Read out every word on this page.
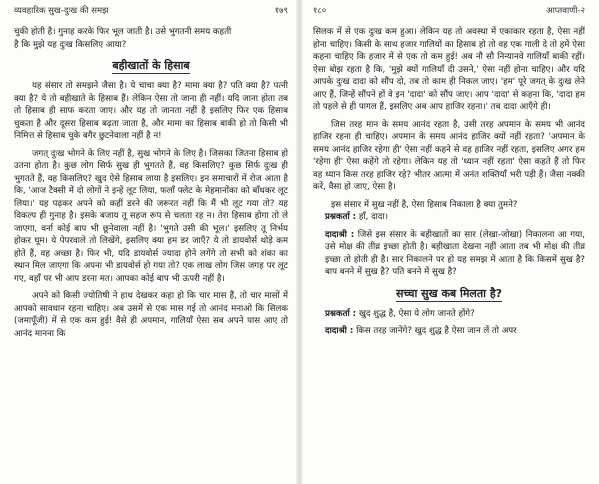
व्यवहारिक सुख-दुःख की समझ	१७९

चुकी होती है। गुनाह करके फिर भूल जाती है। उसे भुगतनी समय कहती

है कि मुझे यह दुःख किसलिए आया?

बहीखातों के हिसाब

यह संसार तो समझने जैसा है। ये चाचा क्या है? मामा क्या है? पति क्या है? पत्नी क्या है? ये तो बहीखाते के हिसाब हैं। लेकिन ऐसा तो जाना ही नहीं। यदि जाना होता तब तो हिसाब ही साफ करता जाए। और यह तो जानता नहीं है इसलिए फिर एक हिसाब चुकता है और दूसरा हिसाब बढ़ता जाता है, और मामा का हिसाब बाकी हो तो किसी भी निमित्त से हिसाब चुके बगैर छुटनेवाला नहीं है न!

जगत् दुःख भोगने के लिए नहीं है, सुख भोगने के लिए है। जिसका जितना हिसाब हो उतना होता है। कुछ लोग सिर्फ सुख ही भुगतते हैं, वह किसलिए? कुछ सिर्फ दुःख ही भुगतते हैं, वह किसलिए? खुद ऐसे हिसाब लाया है इसलिए। इन समाचारों में रोज आता है कि, 'आज टैक्सी में दो लोगों ने इन्हें लूट लिया, फलाँ फ्लेट के मेहमानोंका को बाँधकर लूट लिया।' यह पढ़कर अपने को कहीं डरने की जरूरत नहीं कि मैं भी लूट गया तो? यह विकल्प ही गुनाह है। इसके बजाय तू सहज रूप से चलता रह न। तेरा हिसाब होगा तो ले जाएगा, वर्ना कोई बाप भी छूनेवाला नहीं है। 'भुगते उसी की भूल।' इसलिए तू निर्भय होकर घूम। ये पेपरवाले तो लिखेंगे, इसलिए क्या हम डर जाएँ? ये तो डायवोर्स थोड़े कम होते हैं, वह अच्छा है। फिर भी, यदि डायवोर्स ज्यादा होने लगेंगे तो सभी को शंका का स्थान मिल जाएगा कि अपना भी डायवोर्स हो गया तो? एक लाख लोग जिस जगह पर लूट गए, वहाँ पर भी आप डरना मत। आपका कोई बाप भी ऊपरी नहीं है।

अपने को किसी ज्योतिषी ने हाथ देखकर कहा हो कि चार मास हैं, तो चार मासों में आपको सावधान रहना चाहिए। अब उसमें से एक मास गई तो आनंद मनाओ कि सिलक (जमापूँजी) में से एक कम हुई! वैसे ही अपमान, गालियाँ ऐसा सब अपने पास आए तो आनंद मानना कि

१८०	आप्तवाणी-२

सिलक में से एक दुःख कम हुआ। लेकिन यह तो अवस्था में एकाकार रहता है, ऐसा नहीं होना चाहिए। किसी के साथ हजार गालियों का हिसाब हो तो वह एक गाली दे तो हमें ऐसा कहना चाहिए कि हजार में से एक तो कम हुई! अब नौ सौ निन्यानवे गालियाँ बाकी रहीं। ऐसा बोझ रहता है कि, 'मुझे क्यों गालियाँ दी उसने,' ऐसा नहीं होना चाहिए। और यदि आपके दुःख दादा को सौंप दो, तब तो काम ही निकल जाए। 'हम' पूरे जगत् के दुःख लेने आए हैं, जिन्हें सौंपने हों वे इन 'दादा' को सौंप जाए। आप 'दादा' से कहना कि, 'दादा हम तो पहले से ही पागल हैं, इसलिए अब आप हाजिर रहना।' तब दादा आएँगे ही।

जिस तरह मान के समय आनंद रहता है, उसी तरह अपमान के समय भी आनंद हाजिर रहना ही चाहिए। अपमान के समय आनंद हाजिर क्यों नहीं रहता? 'अपमान के समय आनंद हाजिर रहेगा ही' ऐसा नहीं कहने से वह हाजिर नहीं रहता, इसलिए अगर हम 'रहेगा ही' ऐसा कहेंगे तो रहेगा। लेकिन यह तो 'ध्यान नहीं रहता' ऐसा कहते हैं तो फिर वह ध्यान किस तरह हाजिर रहे? भीतर आत्मा में अनंत शक्तियाँ भरी पड़ी हैं। जैसा नक्की करें, वैसा हो जाए, ऐसा है।

इस संसार में सुख नहीं है, ऐसा हिसाब निकाला है क्या तुमने?

प्रश्नकर्ता : हाँ, दादा।

दादाश्री : जिसे इस संसार के बहीखातों का सार (लेखा-जोखा) निकालना आ गया, उसे मोक्ष की तीव्र इच्छा होती है। बहीखाता देखना नहीं आता तब भी मोक्ष की तीव्र इच्छा तो होती ही है। सार निकालने पर हो यह समझ में आता है कि किसमें सुख है? बाप बनने में सुख है? पति बनने में सुख है?

सच्चा सुख कब मिलता है?

प्रश्नकर्ता : खुद शुद्ध है, ऐसा ये लोग जानते होंगे?

दादाश्री : किस तरह जानेंगे? खुद शुद्ध है ऐसा जान लें तो अपर
